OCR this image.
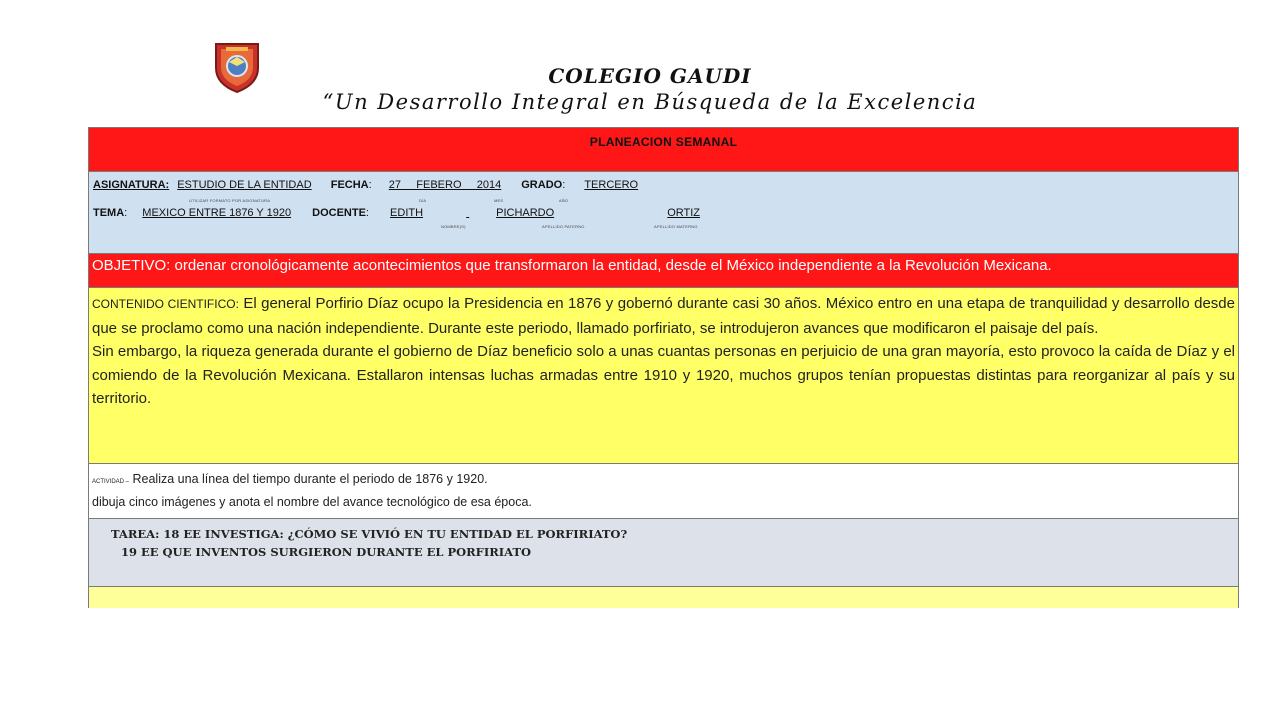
COLEGIO GAUDI
“Un Desarrollo Integral en Búsqueda de la Excelencia
PLANEACION SEMANAL
ASIGNATURA: ESTUDIO DE LA ENTIDAD FECHA: 27     FEBERO     2014 GRADO: TERCERO
UTILIZAR FORMATO POR ASIGNATURA	DÍA	MES	AÑO
TEMA: MEXICO ENTRE 1876 Y 1920 DOCENTE: EDITH	PICHARDO	ORTIZ
NOMBRE(S)	APELLIDO PATERNO	APELLIDO MATERNO
OBJETIVO: ordenar cronológicamente acontecimientos que transformaron la entidad, desde el México independiente a la Revolución Mexicana.

CONTENIDO CIENTIFICO: El general Porfirio Díaz ocupo la Presidencia en 1876 y gobernó durante casi 30 años. México entro en una etapa de tranquilidad y desarrollo desde que se proclamo como una nación independiente. Durante este periodo, llamado porfiriato, se introdujeron avances que modificaron el paisaje del país.

Sin embargo, la riqueza generada durante el gobierno de Díaz beneficio solo a unas cuantas personas en perjuicio de una gran mayoría, esto provoco la caída de Díaz y el comiendo de la Revolución Mexicana. Estallaron intensas luchas armadas entre 1910 y 1920, muchos grupos tenían propuestas distintas para reorganizar al país y su territorio.

ACTIVIDAD – Realiza una línea del tiempo durante el periodo de 1876 y 1920.
dibuja cinco imágenes y anota el nombre del avance tecnológico de esa época.
TAREA: 18 EE INVESTIGA: ¿CÓMO SE VIVIÓ EN TU ENTIDAD EL PORFIRIATO?
19 EE QUE INVENTOS SURGIERON DURANTE EL PORFIRIATO
